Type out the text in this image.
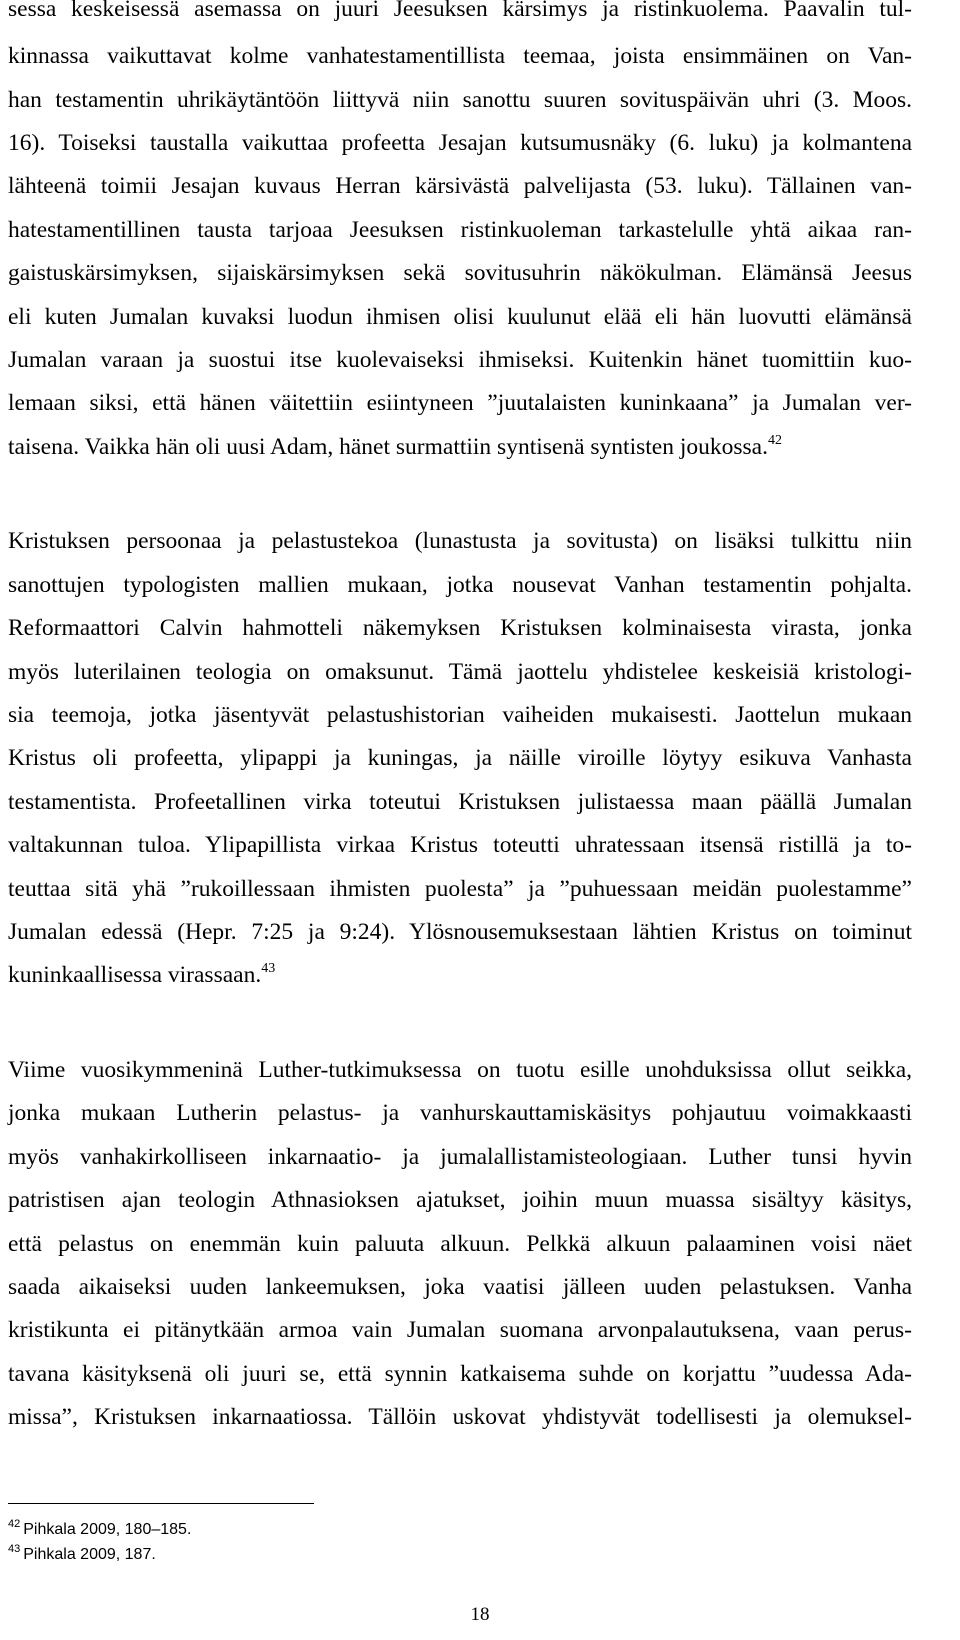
sessa keskeisessä asemassa on juuri Jeesuksen kärsimys ja ristinkuolema. Paavalin tul-
kinnassa vaikuttavat kolme vanhatestamentillista teemaa, joista ensimmäinen on Van-
han testamentin uhrikäytäntöön liittyvä niin sanottu suuren sovituspäivän uhri (3. Moos.
16). Toiseksi taustalla vaikuttaa profeetta Jesajan kutsumusnäky (6. luku) ja kolmantena
lähteenä toimii Jesajan kuvaus Herran kärsivästä palvelijasta (53. luku). Tällainen van-
hatestamentillinen tausta tarjoaa Jeesuksen ristinkuoleman tarkastelulle yhtä aikaa ran-
gaistuskärsimyksen, sijaiskärsimyksen sekä sovitusuhrin näkökulman. Elämänsä Jeesus
eli kuten Jumalan kuvaksi luodun ihmisen olisi kuulunut elää eli hän luovutti elämänsä
Jumalan varaan ja suostui itse kuolevaiseksi ihmiseksi. Kuitenkin hänet tuomittiin kuo-
lemaan siksi, että hänen väitettiin esiintyneen ”juutalaisten kuninkaana” ja Jumalan ver-
taisena. Vaikka hän oli uusi Adam, hänet surmattiin syntisenä syntisten joukossa.$^{42}$
Kristuksen persoonaa ja pelastustekoa (lunastusta ja sovitusta) on lisäksi tulkittu niin
sanottujen typologisten mallien mukaan, jotka nousevat Vanhan testamentin pohjalta.
Reformaattori Calvin hahmotteli näkemyksen Kristuksen kolminaisesta virasta, jonka
myös luterilainen teologia on omaksunut. Tämä jaottelu yhdistelee keskeisiä kristologi-
sia teemoja, jotka jäsentyvät pelastushistorian vaiheiden mukaisesti. Jaottelun mukaan
Kristus oli profeetta, ylipappi ja kuningas, ja näille viroille löytyy esikuva Vanhasta
testamentista. Profeetallinen virka toteutui Kristuksen julistaessa maan päällä Jumalan
valtakunnan tuloa. Ylipapillista virkaa Kristus toteutti uhratessaan itsensä ristillä ja to-
teuttaa sitä yhä ”rukoillessaan ihmisten puolesta” ja ”puhuessaan meidän puolestamme”
Jumalan edessä (Hepr. 7:25 ja 9:24). Ylösnousemuksestaan lähtien Kristus on toiminut
kuninkaallisessa virassaan.$^{43}$
Viime vuosikymmeninä Luther-tutkimuksessa on tuotu esille unohduksissa ollut seikka,
jonka mukaan Lutherin pelastus- ja vanhurskauttamiskäsitys pohjautuu voimakkaasti
myös vanhakirkolliseen inkarnaatio- ja jumalallistamisteologiaan. Luther tunsi hyvin
patristisen ajan teologin Athnasioksen ajatukset, joihin muun muassa sisältyy käsitys,
että pelastus on enemmän kuin paluuta alkuun. Pelkkä alkuun palaaminen voisi näet
saada aikaiseksi uuden lankeemuksen, joka vaatisi jälleen uuden pelastuksen. Vanha
kristikunta ei pitänytkään armoa vain Jumalan suomana arvonpalautuksena, vaan perus-
tavana käsityksenä oli juuri se, että synnin katkaisema suhde on korjattu ”uudessa Ada-
missa”, Kristuksen inkarnaatiossa. Tällöin uskovat yhdistyvät todellisesti ja olemuksel-
$^{42}$ Pihkala 2009, 180–185.
$^{43}$ Pihkala 2009, 187.
18
